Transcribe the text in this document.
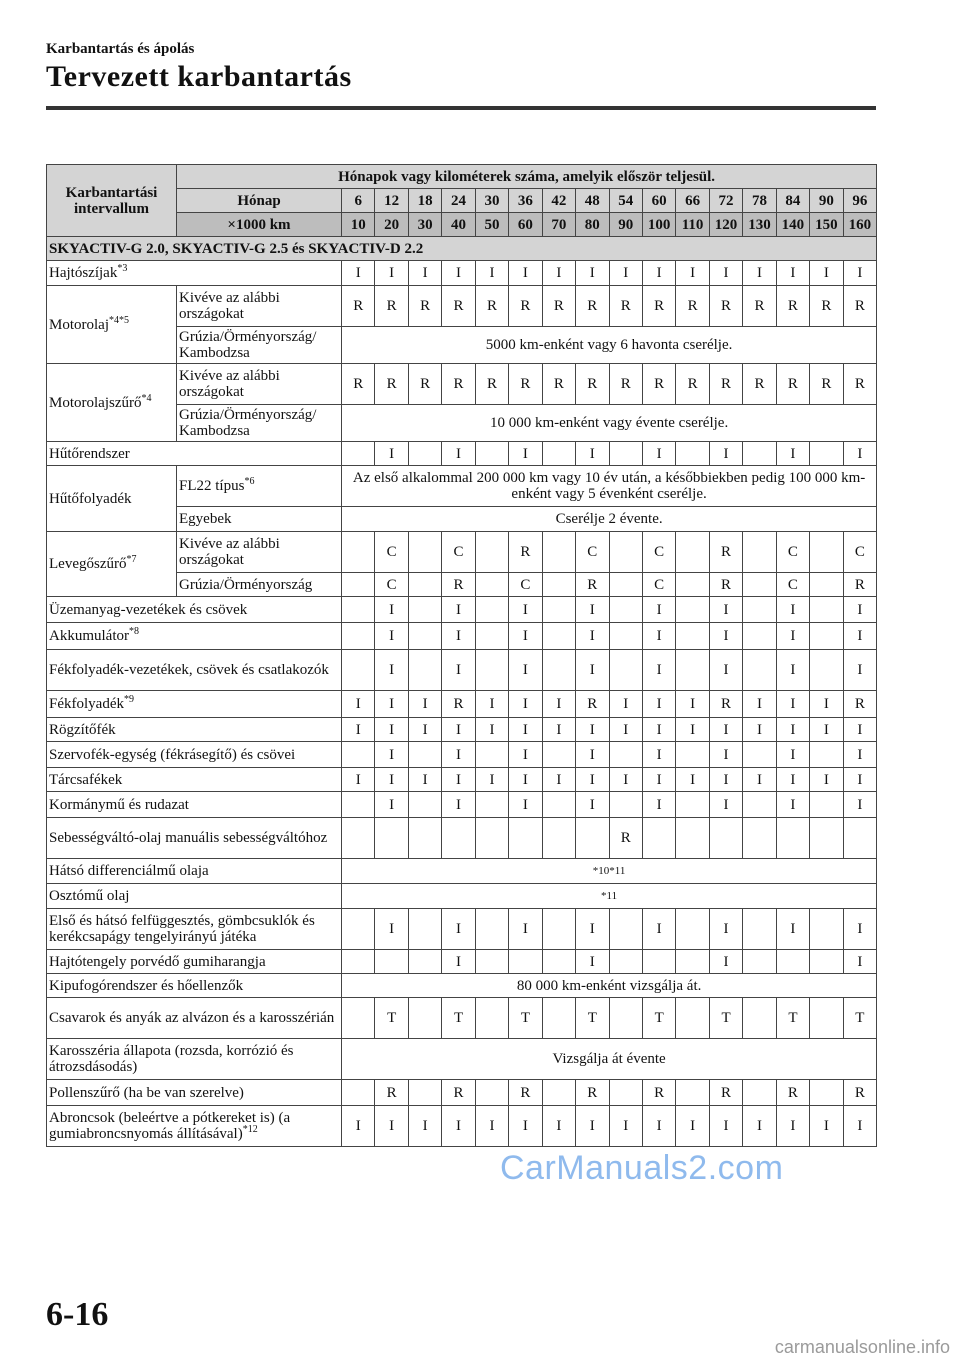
Karbantartás és ápolás
Tervezett karbantartás
Karbantartási intervallum	Hónapok vagy kilométerek száma, amelyik először teljesül.																
	Hónap	6	12	18	24	30	36	42	48	54	60	66	72	78	84	90	96
	×1000 km	10	20	30	40	50	60	70	80	90	100	110	120	130	140	150	160
SKYACTIV-G 2.0, SKYACTIV-G 2.5 és SKYACTIV-D 2.2																	
Hajtószíjak$^{*3}$		I	I	I	I	I	I	I	I	I	I	I	I	I	I	I	I
Motorolaj$^{*4*5}$	Kivéve az alábbi országokat	R	R	R	R	R	R	R	R	R	R	R	R	R	R	R	R
	Grúzia/Örményország/ Kambodzsa	5000 km-enként vagy 6 havonta cserélje.															
Motorolajszűrő$^{*4}$	Kivéve az alábbi országokat	R	R	R	R	R	R	R	R	R	R	R	R	R	R	R	R
	Grúzia/Örményország/ Kambodzsa	10 000 km-enként vagy évente cserélje.															
Hűtőrendszer			I		I		I		I		I		I		I		I
Hűtőfolyadék	FL22 típus$^{*6}$	Az első alkalommal 200 000 km vagy 10 év után, a későbbiekben pedig 100 000 km-enként vagy 5 évenként cserélje.															
	Egyebek	Cserélje 2 évente.															
Levegőszűrő$^{*7}$	Kivéve az alábbi országokat		C		C		R		C		C		R		C		C
	Grúzia/Örményország		C		R		C		R		C		R		C		R
Üzemanyag-vezetékek és csövek			I		I		I		I		I		I		I		I
Akkumulátor$^{*8}$			I		I		I		I		I		I		I		I
Fékfolyadék-vezetékek, csövek és csatlakozók			I		I		I		I		I		I		I		I
Fékfolyadék$^{*9}$		I	I	I	R	I	I	I	R	I	I	I	R	I	I	I	R
Rögzítőfék		I	I	I	I	I	I	I	I	I	I	I	I	I	I	I	I
Szervofék-egység (fékrásegítő) és csövei			I		I		I		I		I		I		I		I
Tárcsafékek		I	I	I	I	I	I	I	I	I	I	I	I	I	I	I	I
Kormánymű és rudazat			I		I		I		I		I		I		I		I
Sebességváltó-olaj manuális sebességváltóhoz										R							
Hátsó differenciálmű olaja		*10*11															
Osztómű olaj		*11															
Első és hátsó felfüggesztés, gömbcsuklók és kerékcsapágy tengelyirányú játéka			I		I		I		I		I		I		I		I
Hajtótengely porvédő gumiharangja					I				I				I				I
Kipufogórendszer és hőellenzők		80 000 km-enként vizsgálja át.															
Csavarok és anyák az alvázon és a karosszérián			T		T		T		T		T		T		T		T
Karosszéria állapota (rozsda, korrózió és átrozsdásodás)		Vizsgálja át évente															
Pollenszűrő (ha be van szerelve)			R		R		R		R		R		R		R		R
Abroncsok (beleértve a pótkereket is) (a gumiabroncsnyomás állításával)$^{*12}$		I	I	I	I	I	I	I	I	I	I	I	I	I	I	I	I
CarManuals2.com
6-16
carmanualsonline.info
